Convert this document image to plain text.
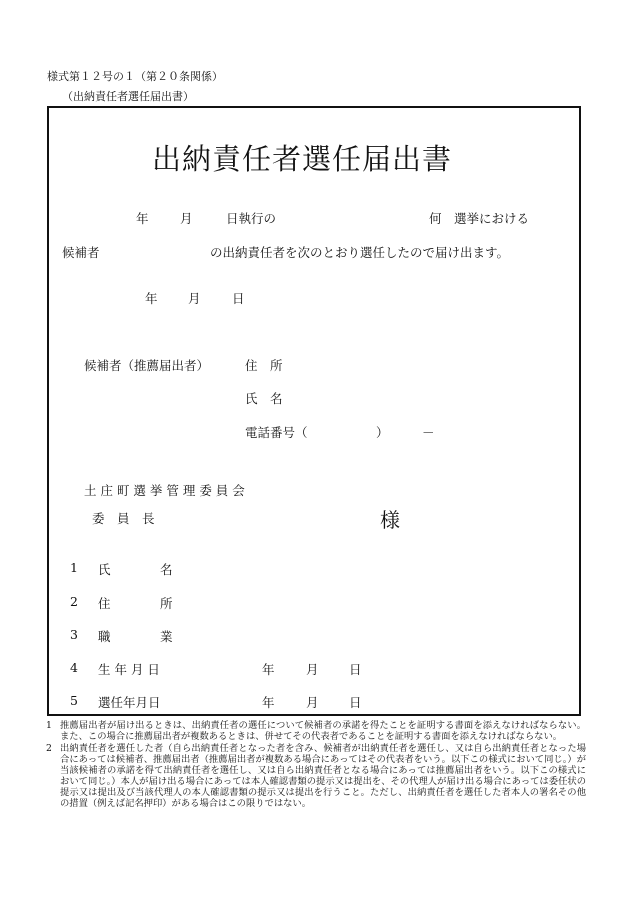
様式第１２号の１（第２０条関係）
（出納責任者選任届出書）
出納責任者選任届出書
年	月	日執行の	何　選挙における
候補者	の出納責任者を次のとおり選任したので届け出ます。
年 月	日
候補者（推薦届出者）	住　所
氏　名
電話番号（	）	－
土 庄 町 選 挙 管 理 委 員 会
委　員　長	様
1 氏	名
2 住	所
3 職	業
4 生 年 月 日	年	月 日
5 選任年月日	年	月 日
1 推薦届出者が届け出るときは、出納責任者の選任について候補者の承諾を得たことを証明する書面を添えなければならない。また、この場合に推薦届出者が複数あるときは、併せてその代表者であることを証明する書面を添えなければならない。
2 出納責任者を選任した者（自ら出納責任者となった者を含み、候補者が出納責任者を選任し、又は自ら出納責任者となった場合にあっては候補者、推薦届出者（推薦届出者が複数ある場合にあってはその代表者をいう。以下この様式において同じ。）が当該候補者の承諾を得て出納責任者を選任し、又は自ら出納責任者となる場合にあっては推薦届出者をいう。以下この様式において同じ。）本人が届け出る場合にあっては本人確認書類の提示又は提出を、その代理人が届け出る場合にあっては委任状の提示又は提出及び当該代理人の本人確認書類の提示又は提出を行うこと。ただし、出納責任者を選任した者本人の署名その他の措置（例えば記名押印）がある場合はこの限りではない。
